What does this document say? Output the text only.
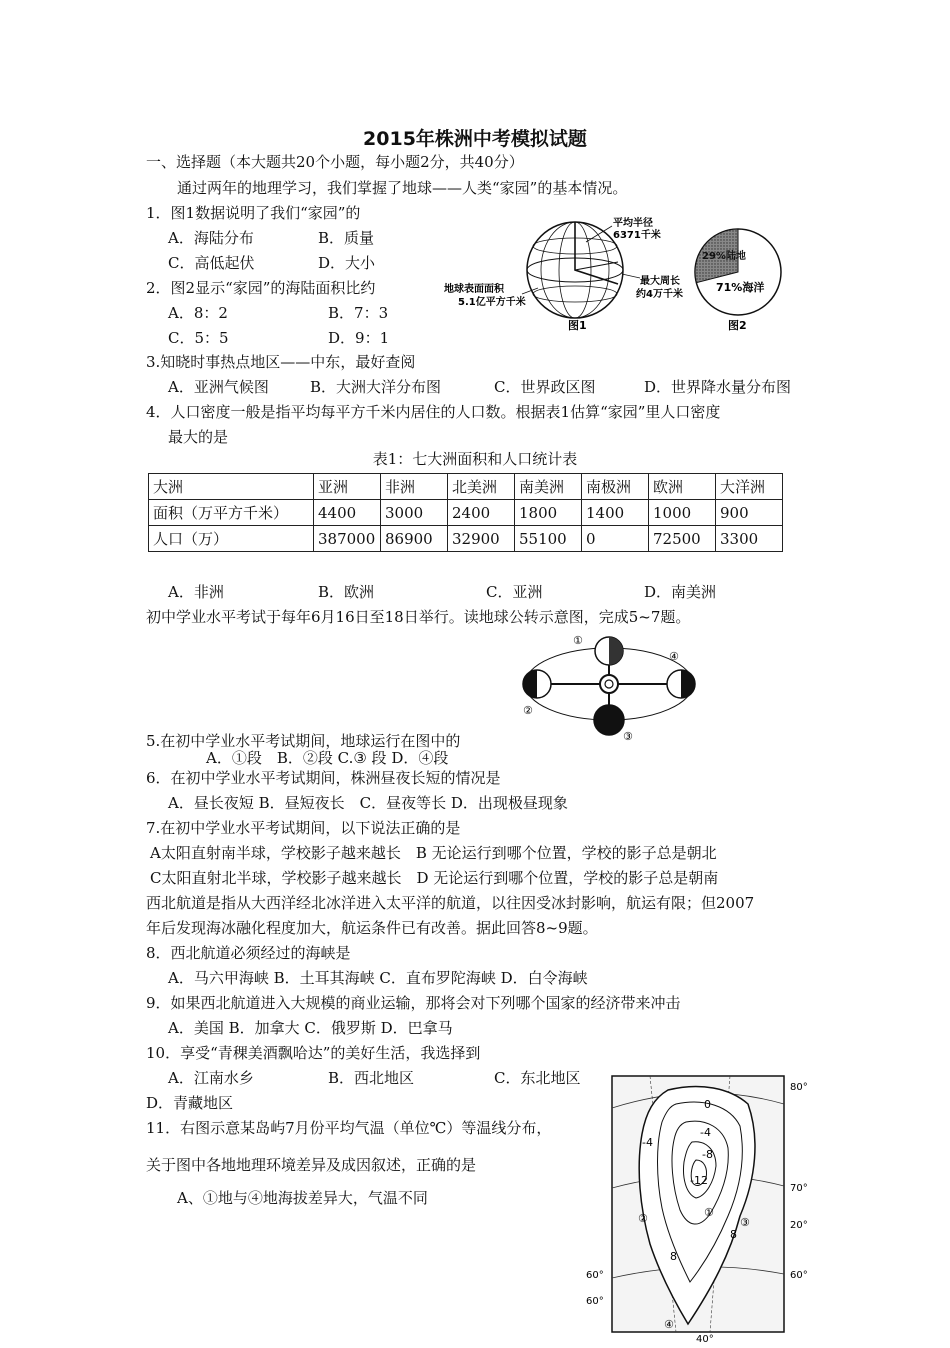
2015年株洲中考模拟试题
一、选择题（本大题共20个小题，每小题2分，共40分）
通过两年的地理学习，我们掌握了地球——人类“家园”的基本情况。
1．图1数据说明了我们“家园”的
A．海陆分布	B．质量
C．高低起伏	D．大小
2．图2显示“家园”的海陆面积比约
A．8：2	B．7：3
C．5：5	D．9：1
平均半径
6371千米
地球表面面积
5.1亿平方千米
最大周长
约4万千米
图1
29%陆地
71%海洋
图2
3.知晓时事热点地区——中东，最好查阅
A．亚洲气候图	B．大洲大洋分布图	C．世界政区图	D．世界降水量分布图
4．人口密度一般是指平均每平方千米内居住的人口数。根据表1估算“家园”里人口密度
最大的是
表1：七大洲面积和人口统计表
大洲	亚洲	非洲	北美洲	南美洲	南极洲	欧洲	大洋洲
面积（万平方千米）	4400	3000	2400	1800	1400	1000	900
人口（万）	387000	86900	32900	55100	0	72500	3300
A．非洲	B．欧洲	C．亚洲	D．南美洲
初中学业水平考试于每年6月16日至18日举行。读地球公转示意图，完成5~7题。
①
②
③
④
5.在初中学业水平考试期间，地球运行在图中的
A．①段　B．②段 C.③ 段 D．④段
6．在初中学业水平考试期间，株洲昼夜长短的情况是
A．昼长夜短 B．昼短夜长　C．昼夜等长 D．出现极昼现象
7.在初中学业水平考试期间，以下说法正确的是
A太阳直射南半球，学校影子越来越长　B 无论运行到哪个位置，学校的影子总是朝北
C太阳直射北半球，学校影子越来越长　D 无论运行到哪个位置，学校的影子总是朝南
西北航道是指从大西洋经北冰洋进入太平洋的航道，以往因受冰封影响，航运有限；但2007
年后发现海冰融化程度加大，航运条件已有改善。据此回答8~9题。
8．西北航道必须经过的海峡是
A．马六甲海峡 B．土耳其海峡 C．直布罗陀海峡 D．白令海峡
9．如果西北航道进入大规模的商业运输，那将会对下列哪个国家的经济带来冲击
A．美国 B．加拿大 C．俄罗斯 D．巴拿马
10．享受“青稞美酒飘哈达”的美好生活，我选择到
A．江南水乡	B．西北地区	C．东北地区
D．青藏地区
11．右图示意某岛屿7月份平均气温（单位℃）等温线分布，
关于图中各地地理环境差异及成因叙述，正确的是
A、①地与④地海拔差异大，气温不同
80°
70°
20°
60°
60°
60°
40°
0
-4
-4
-8
-12
8
8
①
②	③
④
